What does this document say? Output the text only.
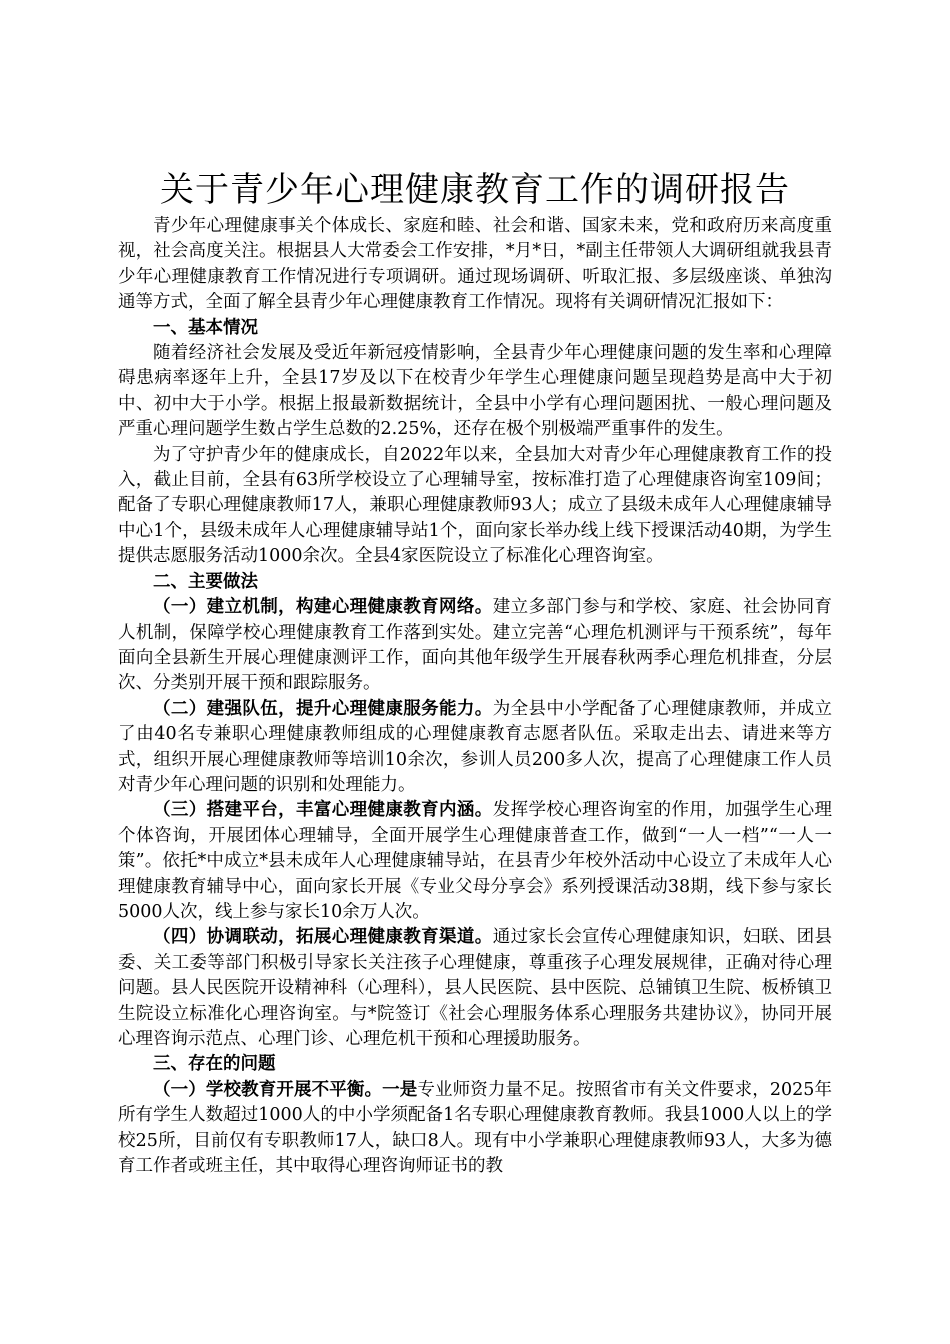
关于青少年心理健康教育工作的调研报告

青少年心理健康事关个体成长、家庭和睦、社会和谐、国家未来，党和政府历来高度重视，社会高度关注。根据县人大常委会工作安排，*月*日，*副主任带领人大调研组就我县青少年心理健康教育工作情况进行专项调研。通过现场调研、听取汇报、多层级座谈、单独沟通等方式，全面了解全县青少年心理健康教育工作情况。现将有关调研情况汇报如下：

一、基本情况

随着经济社会发展及受近年新冠疫情影响，全县青少年心理健康问题的发生率和心理障碍患病率逐年上升，全县17岁及以下在校青少年学生心理健康问题呈现趋势是高中大于初中、初中大于小学。根据上报最新数据统计，全县中小学有心理问题困扰、一般心理问题及严重心理问题学生数占学生总数的2.25%，还存在极个别极端严重事件的发生。

为了守护青少年的健康成长，自2022年以来，全县加大对青少年心理健康教育工作的投入，截止目前，全县有63所学校设立了心理辅导室，按标准打造了心理健康咨询室109间；配备了专职心理健康教师17人，兼职心理健康教师93人；成立了县级未成年人心理健康辅导中心1个，县级未成年人心理健康辅导站1个，面向家长举办线上线下授课活动40期，为学生提供志愿服务活动1000余次。全县4家医院设立了标准化心理咨询室。

二、主要做法

（一）建立机制，构建心理健康教育网络。建立多部门参与和学校、家庭、社会协同育人机制，保障学校心理健康教育工作落到实处。建立完善“心理危机测评与干预系统”，每年面向全县新生开展心理健康测评工作，面向其他年级学生开展春秋两季心理危机排查，分层次、分类别开展干预和跟踪服务。

（二）建强队伍，提升心理健康服务能力。为全县中小学配备了心理健康教师，并成立了由40名专兼职心理健康教师组成的心理健康教育志愿者队伍。采取走出去、请进来等方式，组织开展心理健康教师等培训10余次，参训人员200多人次，提高了心理健康工作人员对青少年心理问题的识别和处理能力。

（三）搭建平台，丰富心理健康教育内涵。发挥学校心理咨询室的作用，加强学生心理个体咨询，开展团体心理辅导，全面开展学生心理健康普查工作，做到“一人一档”“一人一策”。依托*中成立*县未成年人心理健康辅导站，在县青少年校外活动中心设立了未成年人心理健康教育辅导中心，面向家长开展《专业父母分享会》系列授课活动38期，线下参与家长5000人次，线上参与家长10余万人次。

（四）协调联动，拓展心理健康教育渠道。通过家长会宣传心理健康知识，妇联、团县委、关工委等部门积极引导家长关注孩子心理健康，尊重孩子心理发展规律，正确对待心理问题。县人民医院开设精神科（心理科），县人民医院、县中医院、总铺镇卫生院、板桥镇卫生院设立标准化心理咨询室。与*院签订《社会心理服务体系心理服务共建协议》，协同开展心理咨询示范点、心理门诊、心理危机干预和心理援助服务。

三、存在的问题

（一）学校教育开展不平衡。一是专业师资力量不足。按照省市有关文件要求，2025年所有学生人数超过1000人的中小学须配备1名专职心理健康教育教师。我县1000人以上的学校25所，目前仅有专职教师17人，缺口8人。现有中小学兼职心理健康教师93人，大多为德育工作者或班主任，其中取得心理咨询师证书的教
